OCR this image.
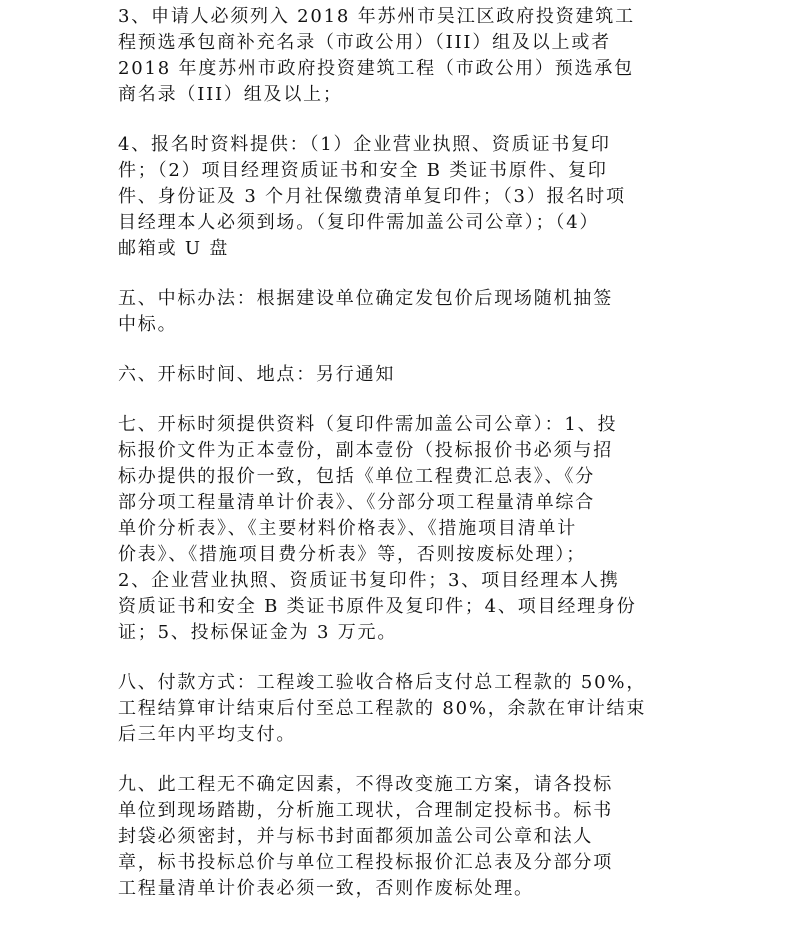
3、申请人必须列入 2018 年苏州市吴江区政府投资建筑工
程预选承包商补充名录（市政公用）（III）组及以上或者
2018 年度苏州市政府投资建筑工程（市政公用）预选承包
商名录（III）组及以上；
4、报名时资料提供：（1）企业营业执照、资质证书复印
件；（2）项目经理资质证书和安全 B 类证书原件、复印
件、身份证及 3 个月社保缴费清单复印件；（3）报名时项
目经理本人必须到场。（复印件需加盖公司公章）；（4）
邮箱或 U 盘
五、中标办法：根据建设单位确定发包价后现场随机抽签
中标。
六、开标时间、地点：另行通知
七、开标时须提供资料（复印件需加盖公司公章）：1、投
标报价文件为正本壹份，副本壹份（投标报价书必须与招
标办提供的报价一致，包括《单位工程费汇总表》、《分
部分项工程量清单计价表》、《分部分项工程量清单综合
单价分析表》、《主要材料价格表》、《措施项目清单计
价表》、《措施项目费分析表》等，否则按废标处理）；
2、企业营业执照、资质证书复印件；3、项目经理本人携
资质证书和安全 B 类证书原件及复印件；4、项目经理身份
证；5、投标保证金为 3 万元。
八、付款方式：工程竣工验收合格后支付总工程款的 50%，
工程结算审计结束后付至总工程款的 80%，余款在审计结束
后三年内平均支付。
九、此工程无不确定因素，不得改变施工方案，请各投标
单位到现场踏勘，分析施工现状，合理制定投标书。标书
封袋必须密封，并与标书封面都须加盖公司公章和法人
章，标书投标总价与单位工程投标报价汇总表及分部分项
工程量清单计价表必须一致，否则作废标处理。
